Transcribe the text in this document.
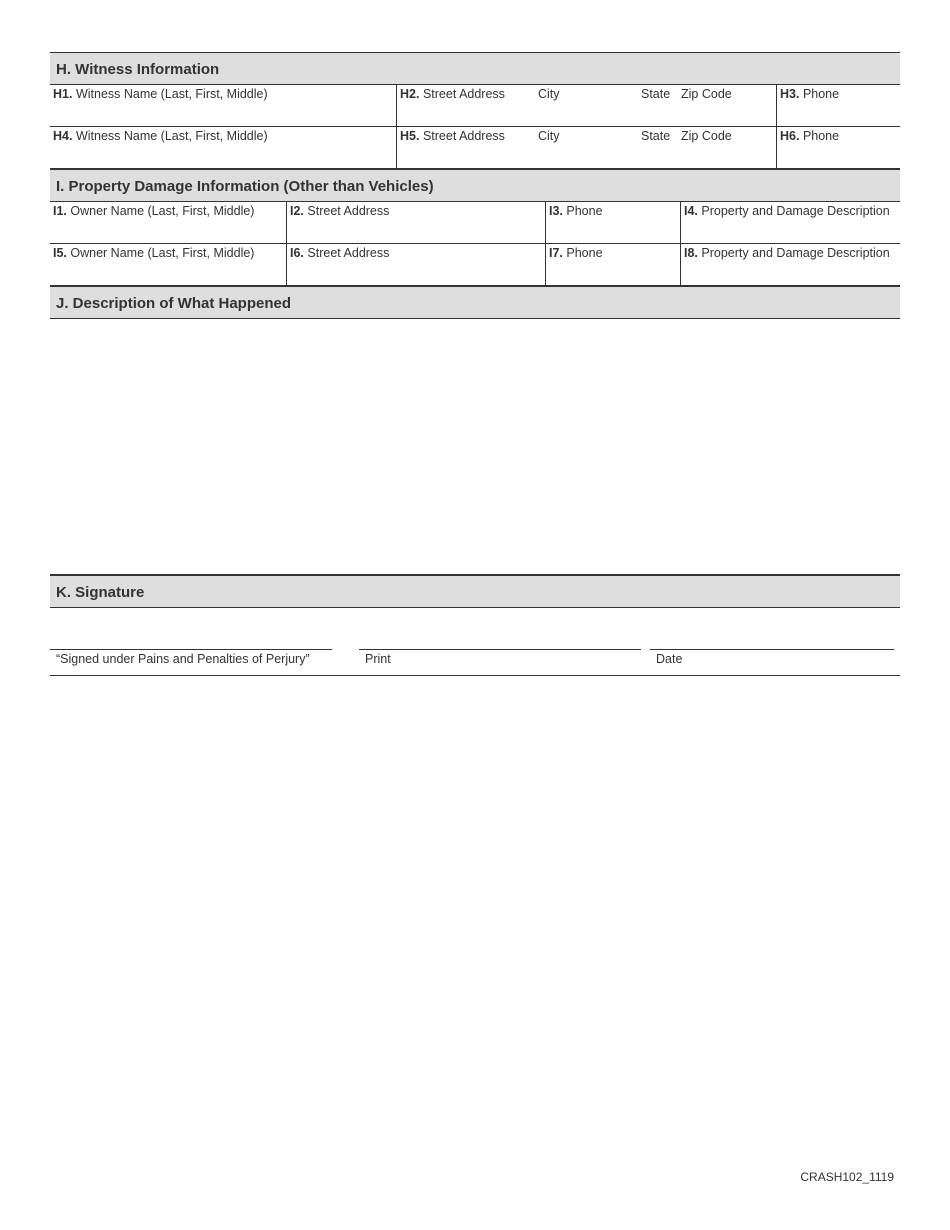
H. Witness Information
H1. Witness Name (Last, First, Middle)	H2. Street Address	City	State Zip Code	H3. Phone
H4. Witness Name (Last, First, Middle)	H5. Street Address	City	State Zip Code	H6. Phone
I. Property Damage Information (Other than Vehicles)
I1. Owner Name (Last, First, Middle)	I2. Street Address	I3. Phone	I4. Property and Damage Description
I5. Owner Name (Last, First, Middle)	I6. Street Address	I7. Phone	I8. Property and Damage Description
J. Description of What Happened
K. Signature
“Signed under Pains and Penalties of Perjury”	Print	Date
CRASH102_1119
